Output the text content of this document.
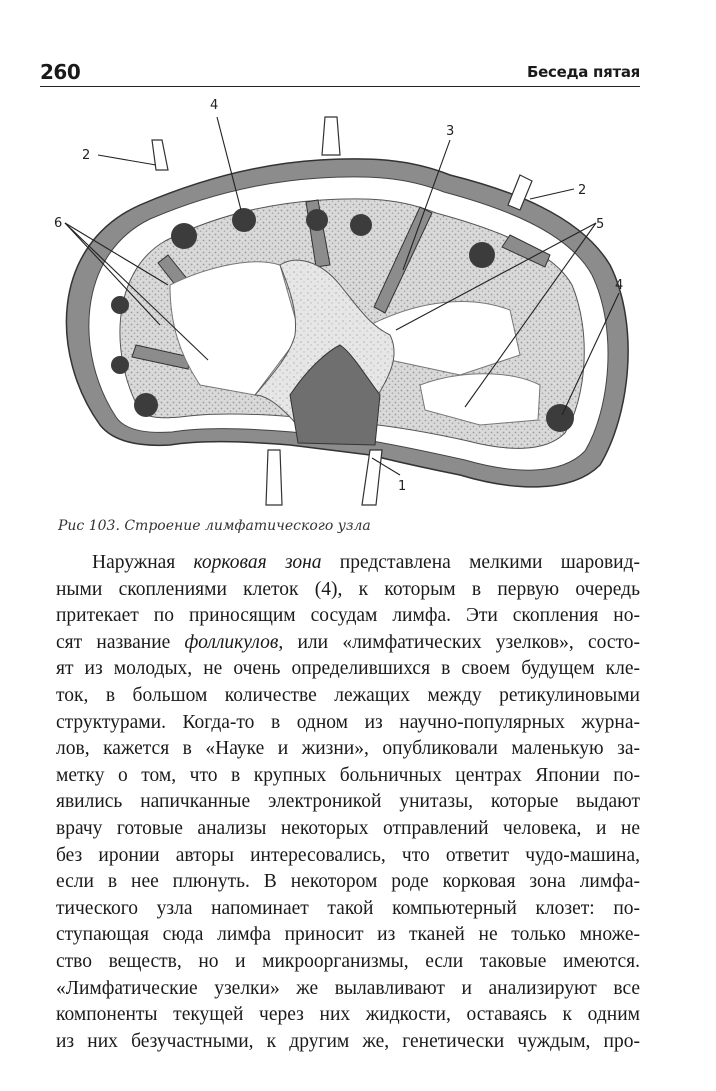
260	Беседа пятая
4
2
3
2
6	5
4
1
Рис 103. Строение лимфатического узла
Наружная корковая зона представлена мелкими шаровид-
ными скоплениями клеток (4), к которым в первую очередь
притекает по приносящим сосудам лимфа. Эти скопления но-
сят название фолликулов, или «лимфатических узелков», состо-
ят из молодых, не очень определившихся в своем будущем кле-
ток, в большом количестве лежащих между ретикулиновыми
структурами. Когда-то в одном из научно-популярных журна-
лов, кажется в «Науке и жизни», опубликовали маленькую за-
метку о том, что в крупных больничных центрах Японии по-
явились напичканные электроникой унитазы, которые выдают
врачу готовые анализы некоторых отправлений человека, и не
без иронии авторы интересовались, что ответит чудо-машина,
если в нее плюнуть. В некотором роде корковая зона лимфа-
тического узла напоминает такой компьютерный клозет: по-
ступающая сюда лимфа приносит из тканей не только множе-
ство веществ, но и микроорганизмы, если таковые имеются.
«Лимфатические узелки» же вылавливают и анализируют все
компоненты текущей через них жидкости, оставаясь к одним
из них безучастными, к другим же, генетически чуждым, про-
